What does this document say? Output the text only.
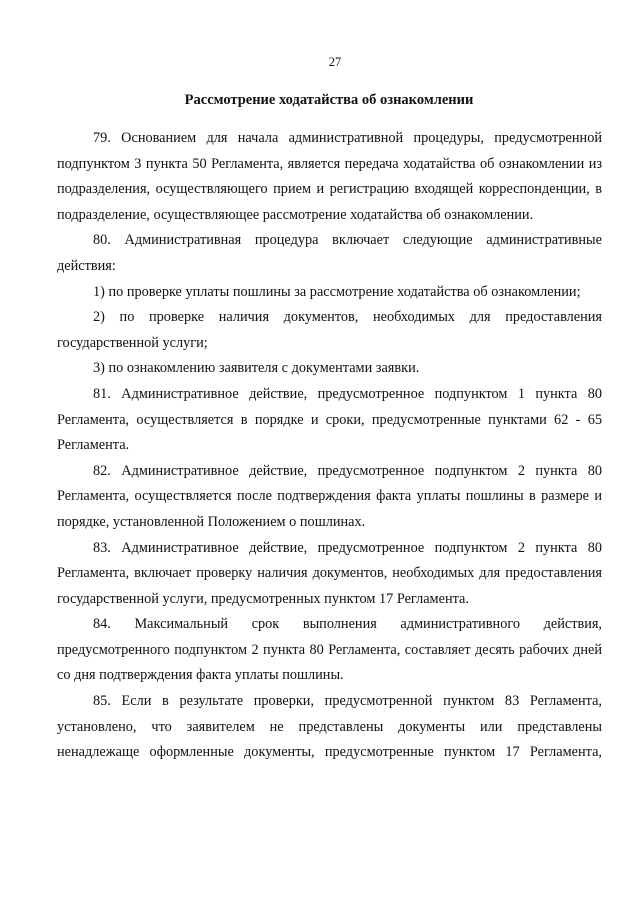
27
Рассмотрение ходатайства об ознакомлении

79. Основанием для начала административной процедуры, предусмотренной подпунктом 3 пункта 50 Регламента, является передача ходатайства об ознакомлении из подразделения, осуществляющего прием и регистрацию входящей корреспонденции, в подразделение, осуществляющее рассмотрение ходатайства об ознакомлении.

80. Административная процедура включает следующие административные действия:

1) по проверке уплаты пошлины за рассмотрение ходатайства об ознакомлении;

2) по проверке наличия документов, необходимых для предоставления государственной услуги;

3) по ознакомлению заявителя с документами заявки.

81. Административное действие, предусмотренное подпунктом 1 пункта 80 Регламента, осуществляется в порядке и сроки, предусмотренные пунктами 62 - 65 Регламента.

82. Административное действие, предусмотренное подпунктом 2 пункта 80 Регламента, осуществляется после подтверждения факта уплаты пошлины в размере и порядке, установленной Положением о пошлинах.

83. Административное действие, предусмотренное подпунктом 2 пункта 80 Регламента, включает проверку наличия документов, необходимых для предоставления государственной услуги, предусмотренных пунктом 17 Регламента.

84. Максимальный срок выполнения административного действия, предусмотренного подпунктом 2 пункта 80 Регламента, составляет десять рабочих дней со дня подтверждения факта уплаты пошлины.

85. Если в результате проверки, предусмотренной пунктом 83 Регламента, установлено, что заявителем не представлены документы или представлены ненадлежаще оформленные документы, предусмотренные пунктом 17 Регламента,
